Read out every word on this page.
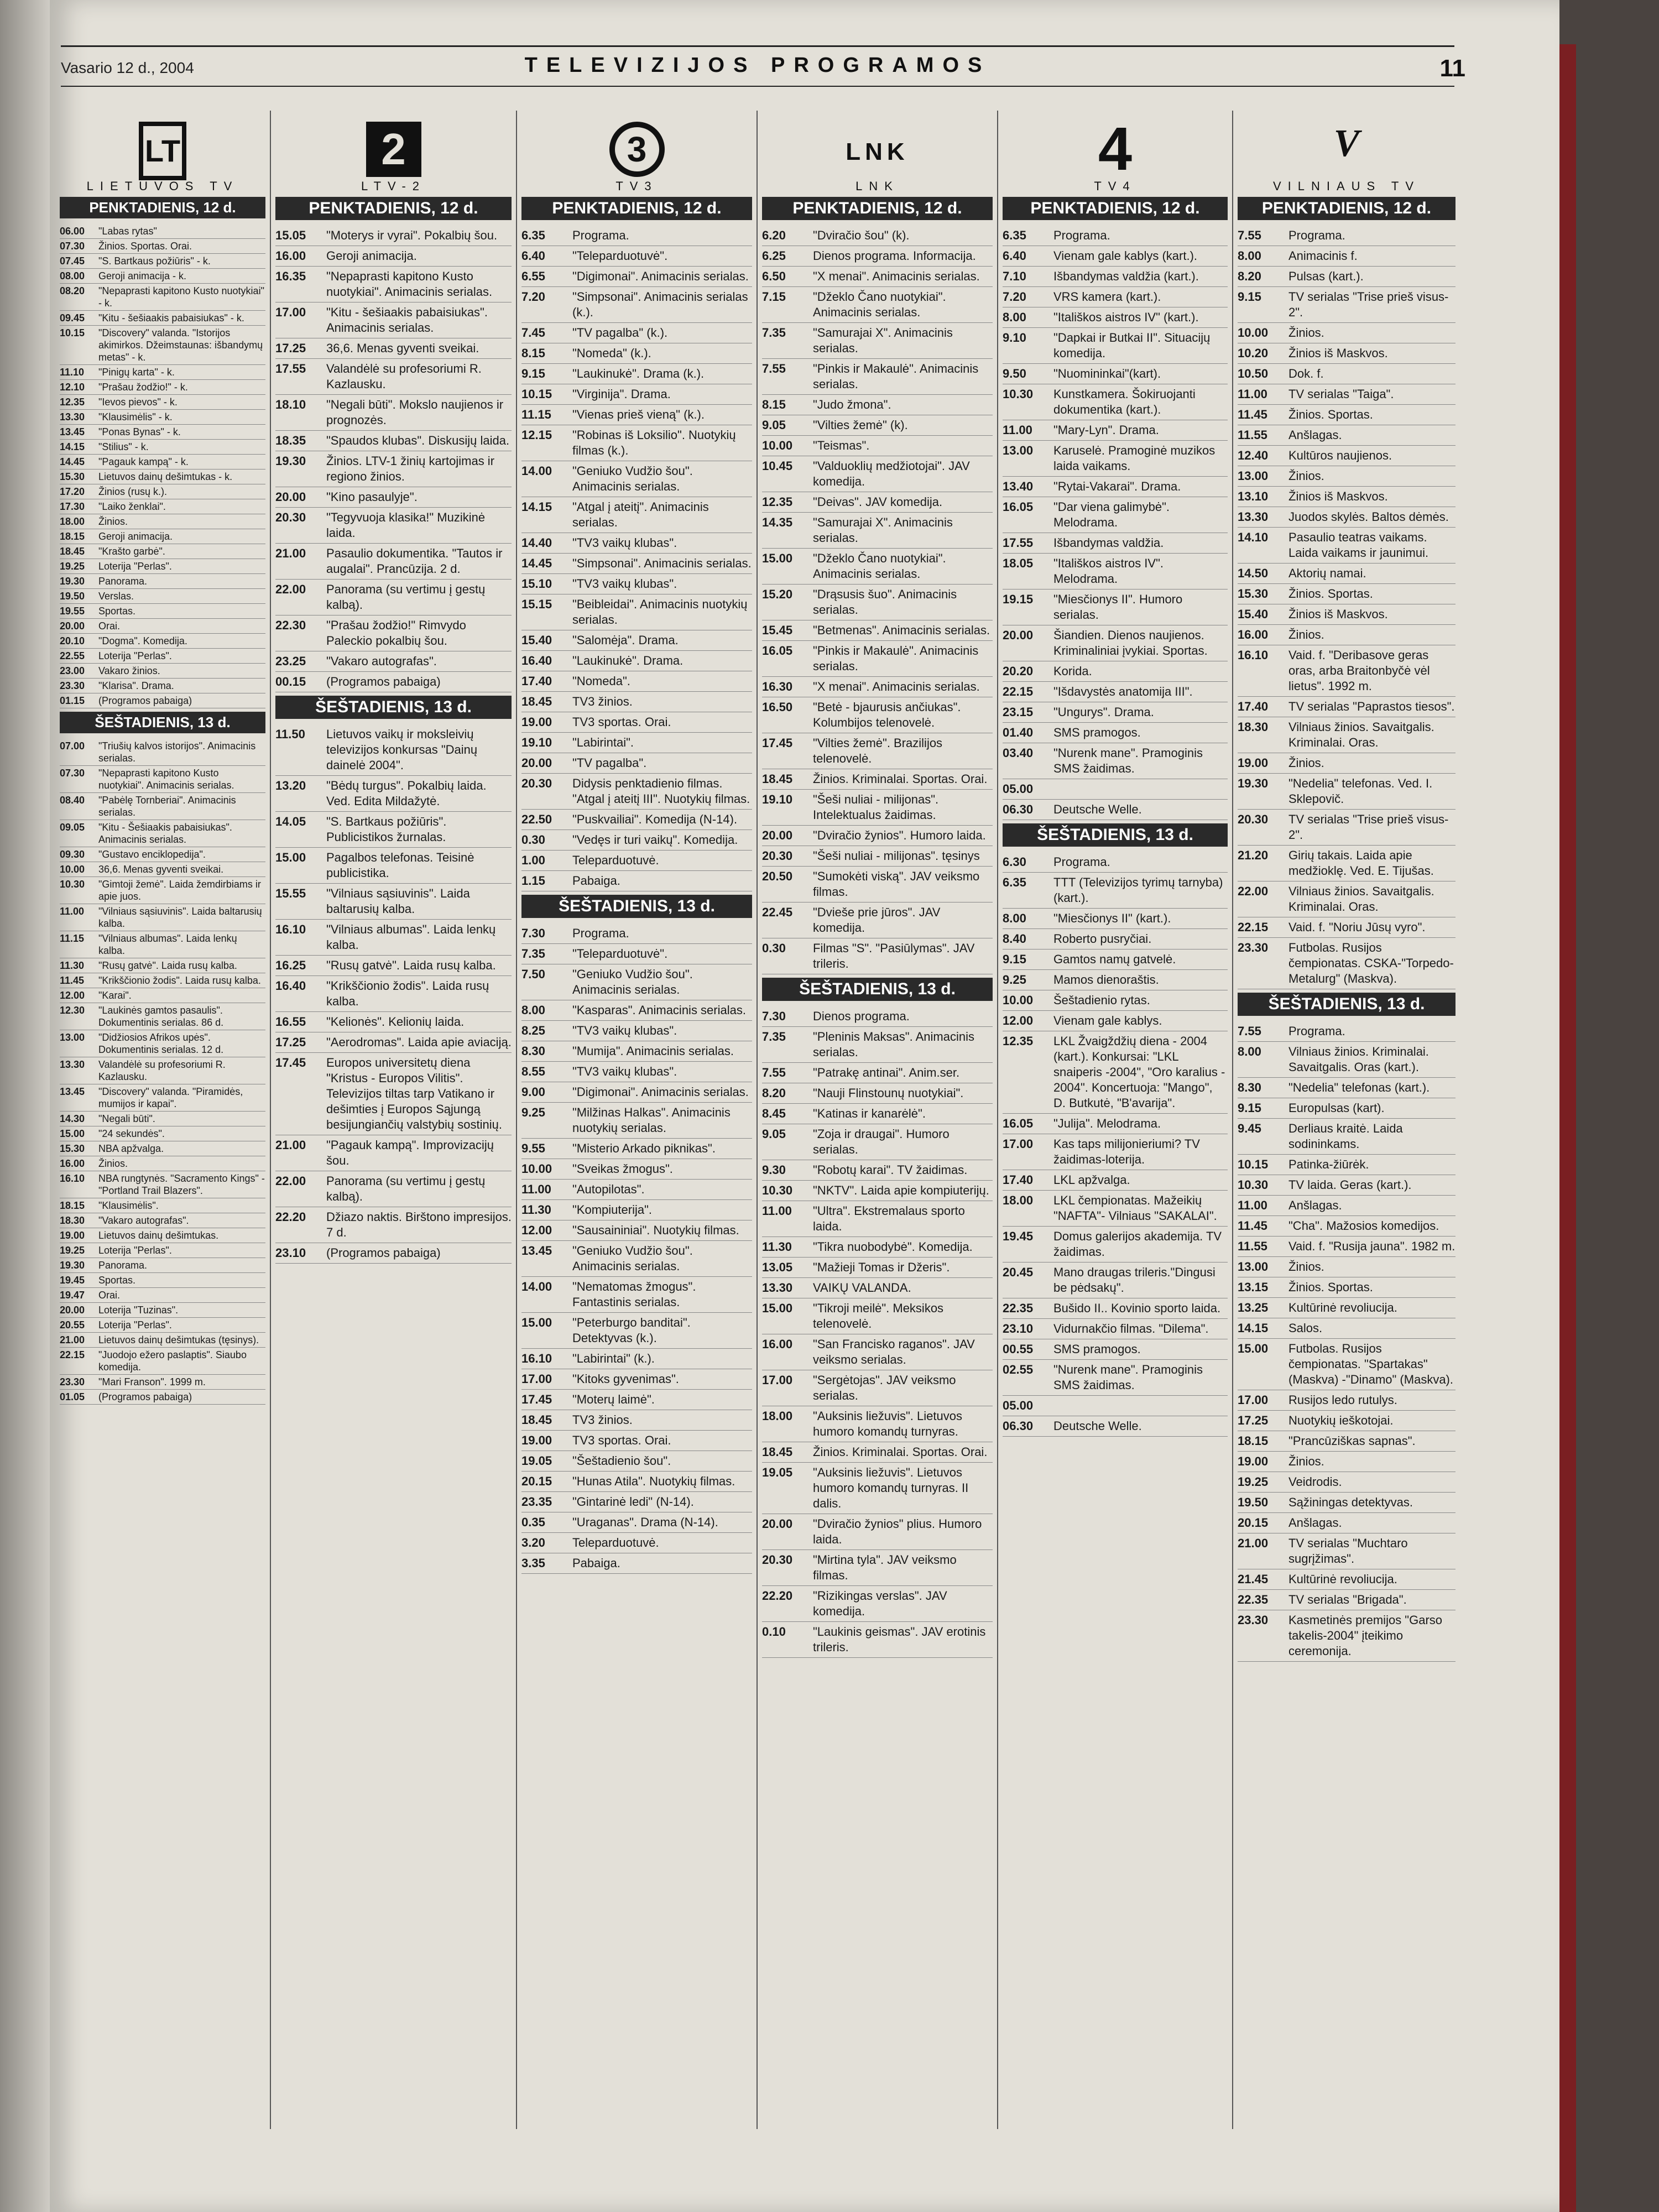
Vasario 12 d., 2004	TELEVIZIJOS PROGRAMOS	11
LT
LIETUVOS TV
PENKTADIENIS, 12 d.
06.00	"Labas rytas"
07.30	Žinios. Sportas. Orai.
07.45	"S. Bartkaus požiūris" - k.
08.00	Geroji animacija - k.
08.20	"Nepaprasti kapitono Kusto nuotykiai" - k.
09.45	"Kitu - šešiaakis pabaisiukas" - k.
10.15	"Discovery" valanda. "Istorijos akimirkos. Džeimstaunas: išbandymų metas" - k.
11.10	"Pinigų karta" - k.
12.10	"Prašau žodžio!" - k.
12.35	"Ievos pievos" - k.
13.30	"Klausimėlis" - k.
13.45	"Ponas Bynas" - k.
14.15	"Stilius" - k.
14.45	"Pagauk kampą" - k.
15.30	Lietuvos dainų dešimtukas - k.
17.20	Žinios (rusų k.).
17.30	"Laiko ženklai".
18.00	Žinios.
18.15	Geroji animacija.
18.45	"Krašto garbė".
19.25	Loterija "Perlas".
19.30	Panorama.
19.50	Verslas.
19.55	Sportas.
20.00	Orai.
20.10	"Dogma". Komedija.
22.55	Loterija "Perlas".
23.00	Vakaro žinios.
23.30	"Klarisa". Drama.
01.15	(Programos pabaiga)
ŠEŠTADIENIS, 13 d.
07.00	"Triušių kalvos istorijos". Animacinis serialas.
07.30	"Nepaprasti kapitono Kusto nuotykiai". Animacinis serialas.
08.40	"Pabėlę Tornberiai". Animacinis serialas.
09.05	"Kitu - Šešiaakis pabaisiukas". Animacinis serialas.
09.30	"Gustavo enciklopedija".
10.00	36,6. Menas gyventi sveikai.
10.30	"Gimtoji žemė". Laida žemdirbiams ir apie juos.
11.00	"Vilniaus sąsiuvinis". Laida baltarusių kalba.
11.15	"Vilniaus albumas". Laida lenkų kalba.
11.30	"Rusų gatvė". Laida rusų kalba.
11.45	"Krikščionio žodis". Laida rusų kalba.
12.00	"Karai".
12.30	"Laukinės gamtos pasaulis". Dokumentinis serialas. 86 d.
13.00	"Didžiosios Afrikos upės". Dokumentinis serialas. 12 d.
13.30	Valandėlė su profesoriumi R. Kazlausku.
13.45	"Discovery" valanda. "Piramidės, mumijos ir kapai".
14.30	"Negali būti".
15.00	"24 sekundės".
15.30	NBA apžvalga.
16.00	Žinios.
16.10	NBA rungtynės. "Sacramento Kings" - "Portland Trail Blazers".
18.15	"Klausimėlis".
18.30	"Vakaro autografas".
19.00	Lietuvos dainų dešimtukas.
19.25	Loterija "Perlas".
19.30	Panorama.
19.45	Sportas.
19.47	Orai.
20.00	Loterija "Tuzinas".
20.55	Loterija "Perlas".
21.00	Lietuvos dainų dešimtukas (tęsinys).
22.15	"Juodojo ežero paslaptis". Siaubo komedija.
23.30	"Mari Franson". 1999 m.
01.05	(Programos pabaiga)
2
LTV-2
PENKTADIENIS, 12 d.
15.05	"Moterys ir vyrai". Pokalbių šou.
16.00	Geroji animacija.
16.35	"Nepaprasti kapitono Kusto nuotykiai". Animacinis serialas.
17.00	"Kitu - šešiaakis pabaisiukas". Animacinis serialas.
17.25	36,6. Menas gyventi sveikai.
17.55	Valandėlė su profesoriumi R. Kazlausku.
18.10	"Negali būti". Mokslo naujienos ir prognozės.
18.35	"Spaudos klubas". Diskusijų laida.
19.30	Žinios. LTV-1 žinių kartojimas ir regiono žinios.
20.00	"Kino pasaulyje".
20.30	"Tegyvuoja klasika!" Muzikinė laida.
21.00	Pasaulio dokumentika. "Tautos ir augalai". Prancūzija. 2 d.
22.00	Panorama (su vertimu į gestų kalbą).
22.30	"Prašau žodžio!" Rimvydo Paleckio pokalbių šou.
23.25	"Vakaro autografas".
00.15	(Programos pabaiga)
ŠEŠTADIENIS, 13 d.
11.50	Lietuvos vaikų ir moksleivių televizijos konkursas "Dainų dainelė 2004".
13.20	"Bėdų turgus". Pokalbių laida. Ved. Edita Mildažytė.
14.05	"S. Bartkaus požiūris". Publicistikos žurnalas.
15.00	Pagalbos telefonas. Teisinė publicistika.
15.55	"Vilniaus sąsiuvinis". Laida baltarusių kalba.
16.10	"Vilniaus albumas". Laida lenkų kalba.
16.25	"Rusų gatvė". Laida rusų kalba.
16.40	"Krikščionio žodis". Laida rusų kalba.
16.55	"Kelionės". Kelionių laida.
17.25	"Aerodromas". Laida apie aviaciją.
17.45	Europos universitetų diena "Kristus - Europos Vilitis". Televizijos tiltas tarp Vatikano ir dešimties į Europos Sąjungą besijungiančių valstybių sostinių.
21.00	"Pagauk kampą". Improvizacijų šou.
22.00	Panorama (su vertimu į gestų kalbą).
22.20	Džiazo naktis. Birštono impresijos. 7 d.
23.10	(Programos pabaiga)
3
TV3
PENKTADIENIS, 12 d.
6.35	Programa.
6.40	"Teleparduotuvė".
6.55	"Digimonai". Animacinis serialas.
7.20	"Simpsonai". Animacinis serialas (k.).
7.45	"TV pagalba" (k.).
8.15	"Nomeda" (k.).
9.15	"Laukinukė". Drama (k.).
10.15	"Virginija". Drama.
11.15	"Vienas prieš vieną" (k.).
12.15	"Robinas iš Loksilio". Nuotykių filmas (k.).
14.00	"Geniuko Vudžio šou". Animacinis serialas.
14.15	"Atgal į ateitį". Animacinis serialas.
14.40	"TV3 vaikų klubas".
14.45	"Simpsonai". Animacinis serialas.
15.10	"TV3 vaikų klubas".
15.15	"Beibleidai". Animacinis nuotykių serialas.
15.40	"Salomėja". Drama.
16.40	"Laukinukė". Drama.
17.40	"Nomeda".
18.45	TV3 žinios.
19.00	TV3 sportas. Orai.
19.10	"Labirintai".
20.00	"TV pagalba".
20.30	Didysis penktadienio filmas. "Atgal į ateitį III". Nuotykių filmas.
22.50	"Puskvailiai". Komedija (N-14).
0.30	"Vedęs ir turi vaikų". Komedija.
1.00	Teleparduotuvė.
1.15	Pabaiga.
ŠEŠTADIENIS, 13 d.
7.30	Programa.
7.35	"Teleparduotuvė".
7.50	"Geniuko Vudžio šou". Animacinis serialas.
8.00	"Kasparas". Animacinis serialas.
8.25	"TV3 vaikų klubas".
8.30	"Mumija". Animacinis serialas.
8.55	"TV3 vaikų klubas".
9.00	"Digimonai". Animacinis serialas.
9.25	"Milžinas Halkas". Animacinis nuotykių serialas.
9.55	"Misterio Arkado piknikas".
10.00	"Sveikas žmogus".
11.00	"Autopilotas".
11.30	"Kompiuterija".
12.00	"Sausaininiai". Nuotykių filmas.
13.45	"Geniuko Vudžio šou". Animacinis serialas.
14.00	"Nematomas žmogus". Fantastinis serialas.
15.00	"Peterburgo banditai". Detektyvas (k.).
16.10	"Labirintai" (k.).
17.00	"Kitoks gyvenimas".
17.45	"Moterų laimė".
18.45	TV3 žinios.
19.00	TV3 sportas. Orai.
19.05	"Šeštadienio šou".
20.15	"Hunas Atila". Nuotykių filmas.
23.35	"Gintarinė ledi" (N-14).
0.35	"Uraganas". Drama (N-14).
3.20	Teleparduotuvė.
3.35	Pabaiga.
LNK
LNK
PENKTADIENIS, 12 d.
6.20	"Dviračio šou" (k).
6.25	Dienos programa. Informacija.
6.50	"X menai". Animacinis serialas.
7.15	"Džeklo Čano nuotykiai". Animacinis serialas.
7.35	"Samurajai X". Animacinis serialas.
7.55	"Pinkis ir Makaulė". Animacinis serialas.
8.15	"Judo žmona".
9.05	"Vilties žemė" (k).
10.00	"Teismas".
10.45	"Valduoklių medžiotojai". JAV komedija.
12.35	"Deivas". JAV komedija.
14.35	"Samurajai X". Animacinis serialas.
15.00	"Džeklo Čano nuotykiai". Animacinis serialas.
15.20	"Drąsusis šuo". Animacinis serialas.
15.45	"Betmenas". Animacinis serialas.
16.05	"Pinkis ir Makaulė". Animacinis serialas.
16.30	"X menai". Animacinis serialas.
16.50	"Betė - bjaurusis ančiukas". Kolumbijos telenovelė.
17.45	"Vilties žemė". Brazilijos telenovelė.
18.45	Žinios. Kriminalai. Sportas. Orai.
19.10	"Šeši nuliai - milijonas". Intelektualus žaidimas.
20.00	"Dviračio žynios". Humoro laida.
20.30	"Šeši nuliai - milijonas". tęsinys
20.50	"Sumokėti viską". JAV veiksmo filmas.
22.45	"Dvieše prie jūros". JAV komedija.
0.30	Filmas "S". "Pasiūlymas". JAV trileris.
ŠEŠTADIENIS, 13 d.
7.30	Dienos programa.
7.35	"Pleninis Maksas". Animacinis serialas.
7.55	"Patrakę antinai". Anim.ser.
8.20	"Nauji Flinstounų nuotykiai".
8.45	"Katinas ir kanarėlė".
9.05	"Zoja ir draugai". Humoro serialas.
9.30	"Robotų karai". TV žaidimas.
10.30	"NKTV". Laida apie kompiuterijų.
11.00	"Ultra". Ekstremalaus sporto laida.
11.30	"Tikra nuobodybė". Komedija.
13.05	"Mažieji Tomas ir Džeris".
13.30	VAIKŲ VALANDA.
15.00	"Tikroji meilė". Meksikos telenovelė.
16.00	"San Francisko raganos". JAV veiksmo serialas.
17.00	"Sergėtojas". JAV veiksmo serialas.
18.00	"Auksinis liežuvis". Lietuvos humoro komandų turnyras.
18.45	Žinios. Kriminalai. Sportas. Orai.
19.05	"Auksinis liežuvis". Lietuvos humoro komandų turnyras. II dalis.
20.00	"Dviračio žynios" plius. Humoro laida.
20.30	"Mirtina tyla". JAV veiksmo filmas.
22.20	"Rizikingas verslas". JAV komedija.
0.10	"Laukinis geismas". JAV erotinis trileris.
4
TV4
PENKTADIENIS, 12 d.
6.35	Programa.
6.40	Vienam gale kablys (kart.).
7.10	Išbandymas valdžia (kart.).
7.20	VRS kamera (kart.).
8.00	"Itališkos aistros IV" (kart.).
9.10	"Dapkai ir Butkai II". Situacijų komedija.
9.50	"Nuomininkai"(kart).
10.30	Kunstkamera. Šokiruojanti dokumentika (kart.).
11.00	"Mary-Lyn". Drama.
13.00	Karuselė. Pramoginė muzikos laida vaikams.
13.40	"Rytai-Vakarai". Drama.
16.05	"Dar viena galimybė". Melodrama.
17.55	Išbandymas valdžia.
18.05	"Itališkos aistros IV". Melodrama.
19.15	"Miesčionys II". Humoro serialas.
20.00	Šiandien. Dienos naujienos. Kriminaliniai įvykiai. Sportas.
20.20	Korida.
22.15	"Išdavystės anatomija III".
23.15	"Ungurys". Drama.
01.40	SMS pramogos.
03.40	"Nurenk mane". Pramoginis SMS žaidimas.
05.00
06.30	Deutsche Welle.
ŠEŠTADIENIS, 13 d.
6.30	Programa.
6.35	TTT (Televizijos tyrimų tarnyba) (kart.).
8.00	"Miesčionys II" (kart.).
8.40	Roberto pusryčiai.
9.15	Gamtos namų gatvelė.
9.25	Mamos dienoraštis.
10.00	Šeštadienio rytas.
12.00	Vienam gale kablys.
12.35	LKL Žvaigždžių diena - 2004 (kart.). Konkursai: "LKL snaiperis -2004", "Oro karalius - 2004". Koncertuoja: "Mango", D. Butkutė, "B'avarija".
16.05	"Julija". Melodrama.
17.00	Kas taps milijonieriumi? TV žaidimas-loterija.
17.40	LKL apžvalga.
18.00	LKL čempionatas. Mažeikių "NAFTA"- Vilniaus "SAKALAI".
19.45	Domus galerijos akademija. TV žaidimas.
20.45	Mano draugas trileris."Dingusi be pėdsakų".
22.35	Bušido II.. Kovinio sporto laida.
23.10	Vidurnakčio filmas. "Dilema".
00.55	SMS pramogos.
02.55	"Nurenk mane". Pramoginis SMS žaidimas.
05.00
06.30	Deutsche Welle.
V
VILNIAUS TV
PENKTADIENIS, 12 d.
7.55	Programa.
8.00	Animacinis f.
8.20	Pulsas (kart.).
9.15	TV serialas "Trise prieš visus-2".
10.00	Žinios.
10.20	Žinios iš Maskvos.
10.50	Dok. f.
11.00	TV serialas "Taiga".
11.45	Žinios. Sportas.
11.55	Anšlagas.
12.40	Kultūros naujienos.
13.00	Žinios.
13.10	Žinios iš Maskvos.
13.30	Juodos skylės. Baltos dėmės.
14.10	Pasaulio teatras vaikams. Laida vaikams ir jaunimui.
14.50	Aktorių namai.
15.30	Žinios. Sportas.
15.40	Žinios iš Maskvos.
16.00	Žinios.
16.10	Vaid. f. "Deribasove geras oras, arba Braitonbyčė vėl lietus". 1992 m.
17.40	TV serialas "Paprastos tiesos".
18.30	Vilniaus žinios. Savaitgalis. Kriminalai. Oras.
19.00	Žinios.
19.30	"Nedelia" telefonas. Ved. I. Sklepovič.
20.30	TV serialas "Trise prieš visus-2".
21.20	Girių takais. Laida apie medžioklę. Ved. E. Tijušas.
22.00	Vilniaus žinios. Savaitgalis. Kriminalai. Oras.
22.15	Vaid. f. "Noriu Jūsų vyro".
23.30	Futbolas. Rusijos čempionatas. CSKA-"Torpedo-Metalurg" (Maskva).
ŠEŠTADIENIS, 13 d.
7.55	Programa.
8.00	Vilniaus žinios. Kriminalai. Savaitgalis. Oras (kart.).
8.30	"Nedelia" telefonas (kart.).
9.15	Europulsas (kart).
9.45	Derliaus kraitė. Laida sodininkams.
10.15	Patinka-žiūrėk.
10.30	TV laida. Geras (kart.).
11.00	Anšlagas.
11.45	"Cha". Mažosios komedijos.
11.55	Vaid. f. "Rusija jauna". 1982 m.
13.00	Žinios.
13.15	Žinios. Sportas.
13.25	Kultūrinė revoliucija.
14.15	Salos.
15.00	Futbolas. Rusijos čempionatas. "Spartakas" (Maskva) -"Dinamo" (Maskva).
17.00	Rusijos ledo rutulys.
17.25	Nuotykių ieškotojai.
18.15	"Prancūziškas sapnas".
19.00	Žinios.
19.25	Veidrodis.
19.50	Sąžiningas detektyvas.
20.15	Anšlagas.
21.00	TV serialas "Muchtaro sugrįžimas".
21.45	Kultūrinė revoliucija.
22.35	TV serialas "Brigada".
23.30	Kasmetinės premijos "Garso takelis-2004" įteikimo ceremonija.
